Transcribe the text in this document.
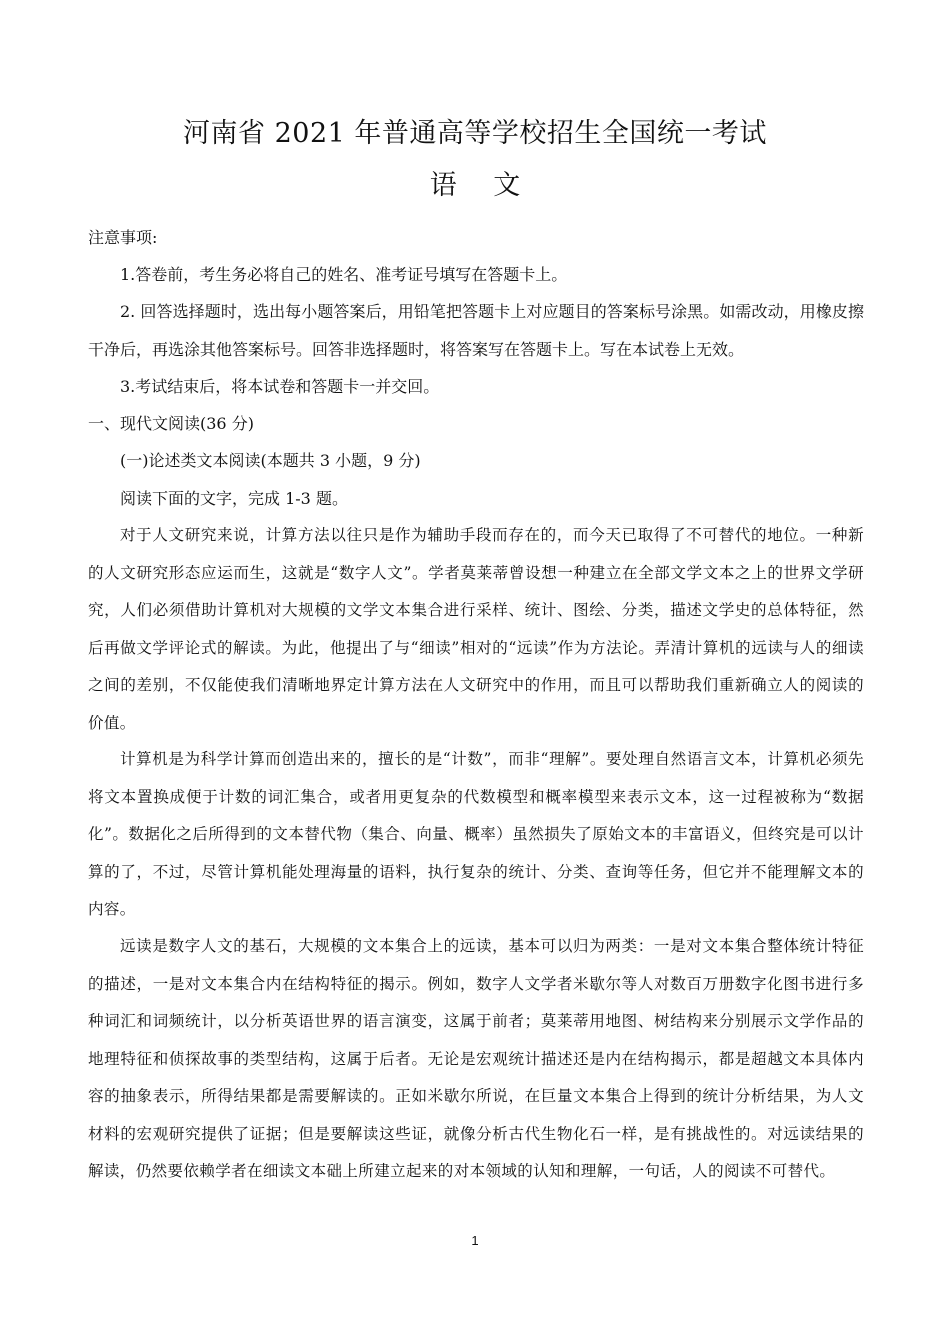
河南省 2021 年普通高等学校招生全国统一考试
语 文
注意事项:
1.答卷前，考生务必将自己的姓名、准考证号填写在答题卡上。
2. 回答选择题时，选出每小题答案后，用铅笔把答题卡上对应题目的答案标号涂黑。如需改动，用橡皮擦干净后，再选涂其他答案标号。回答非选择题时，将答案写在答题卡上。写在本试卷上无效。
3.考试结束后，将本试卷和答题卡一并交回。
一、现代文阅读(36 分)
(一)论述类文本阅读(本题共 3 小题，9 分)
阅读下面的文字，完成 1-3 题。
对于人文研究来说，计算方法以往只是作为辅助手段而存在的，而今天已取得了不可替代的地位。一种新的人文研究形态应运而生，这就是“数字人文”。学者莫莱蒂曾设想一种建立在全部文学文本之上的世界文学研究，人们必须借助计算机对大规模的文学文本集合进行采样、统计、图绘、分类，描述文学史的总体特征，然后再做文学评论式的解读。为此，他提出了与“细读”相对的“远读”作为方法论。弄清计算机的远读与人的细读之间的差别，不仅能使我们清晰地界定计算方法在人文研究中的作用，而且可以帮助我们重新确立人的阅读的价值。
计算机是为科学计算而创造出来的，擅长的是“计数”，而非“理解”。要处理自然语言文本，计算机必须先将文本置换成便于计数的词汇集合，或者用更复杂的代数模型和概率模型来表示文本，这一过程被称为“数据化”。数据化之后所得到的文本替代物（集合、向量、概率）虽然损失了原始文本的丰富语义，但终究是可以计算的了，不过，尽管计算机能处理海量的语料，执行复杂的统计、分类、查询等任务，但它并不能理解文本的内容。
远读是数字人文的基石，大规模的文本集合上的远读，基本可以归为两类：一是对文本集合整体统计特征的描述，一是对文本集合内在结构特征的揭示。例如，数字人文学者米歇尔等人对数百万册数字化图书进行多种词汇和词频统计，以分析英语世界的语言演变，这属于前者；莫莱蒂用地图、树结构来分别展示文学作品的地理特征和侦探故事的类型结构，这属于后者。无论是宏观统计描述还是内在结构揭示，都是超越文本具体内容的抽象表示，所得结果都是需要解读的。正如米歇尔所说，在巨量文本集合上得到的统计分析结果，为人文材料的宏观研究提供了证据；但是要解读这些证，就像分析古代生物化石一样，是有挑战性的。对远读结果的解读，仍然要依赖学者在细读文本础上所建立起来的对本领域的认知和理解，一句话，人的阅读不可替代。
1
